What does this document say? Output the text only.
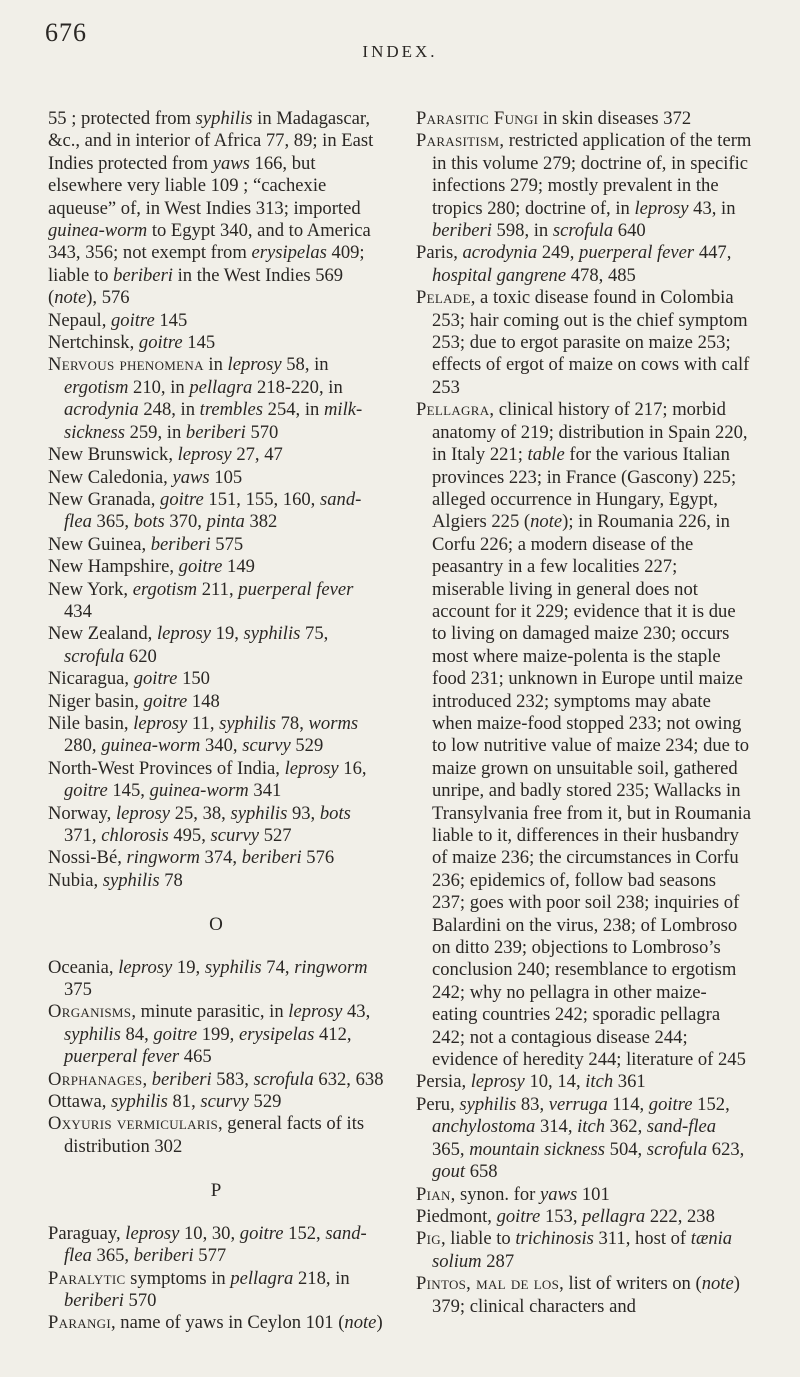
676
INDEX.

55 ; protected from syphilis in Madagascar, &c., and in interior of Africa 77, 89; in East Indies protected from yaws 166, but elsewhere very liable 109 ; “cachexie aqueuse” of, in West Indies 313; imported guinea-worm to Egypt 340, and to America 343, 356; not exempt from erysipelas 409; liable to beriberi in the West Indies 569 (note), 576

Nepaul, goitre 145

Nertchinsk, goitre 145

Nervous phenomena in leprosy 58, in ergotism 210, in pellagra 218-220, in acrodynia 248, in trembles 254, in milk-sickness 259, in beriberi 570

New Brunswick, leprosy 27, 47

New Caledonia, yaws 105

New Granada, goitre 151, 155, 160, sand-flea 365, bots 370, pinta 382

New Guinea, beriberi 575

New Hampshire, goitre 149

New York, ergotism 211, puerperal fever 434

New Zealand, leprosy 19, syphilis 75, scrofula 620

Nicaragua, goitre 150

Niger basin, goitre 148

Nile basin, leprosy 11, syphilis 78, worms 280, guinea-worm 340, scurvy 529

North-West Provinces of India, leprosy 16, goitre 145, guinea-worm 341

Norway, leprosy 25, 38, syphilis 93, bots 371, chlorosis 495, scurvy 527

Nossi-Bé, ringworm 374, beriberi 576

Nubia, syphilis 78

O

Oceania, leprosy 19, syphilis 74, ringworm 375

Organisms, minute parasitic, in leprosy 43, syphilis 84, goitre 199, erysipelas 412, puerperal fever 465

Orphanages, beriberi 583, scrofula 632, 638

Ottawa, syphilis 81, scurvy 529

Oxyuris vermicularis, general facts of its distribution 302

P

Paraguay, leprosy 10, 30, goitre 152, sand-flea 365, beriberi 577

Paralytic symptoms in pellagra 218, in beriberi 570

Parangi, name of yaws in Ceylon 101 (note)

Parasitic Fungi in skin diseases 372

Parasitism, restricted application of the term in this volume 279; doctrine of, in specific infections 279; mostly prevalent in the tropics 280; doctrine of, in leprosy 43, in beriberi 598, in scrofula 640

Paris, acrodynia 249, puerperal fever 447, hospital gangrene 478, 485

Pelade, a toxic disease found in Colombia 253; hair coming out is the chief symptom 253; due to ergot parasite on maize 253; effects of ergot of maize on cows with calf 253

Pellagra, clinical history of 217; morbid anatomy of 219; distribution in Spain 220, in Italy 221; table for the various Italian provinces 223; in France (Gascony) 225; alleged occurrence in Hungary, Egypt, Algiers 225 (note); in Roumania 226, in Corfu 226; a modern disease of the peasantry in a few localities 227; miserable living in general does not account for it 229; evidence that it is due to living on damaged maize 230; occurs most where maize-polenta is the staple food 231; unknown in Europe until maize introduced 232; symptoms may abate when maize-food stopped 233; not owing to low nutritive value of maize 234; due to maize grown on unsuitable soil, gathered unripe, and badly stored 235; Wallacks in Transylvania free from it, but in Roumania liable to it, differences in their husbandry of maize 236; the circumstances in Corfu 236; epidemics of, follow bad seasons 237; goes with poor soil 238; inquiries of Balardini on the virus, 238; of Lombroso on ditto 239; objections to Lombroso’s conclusion 240; resemblance to ergotism 242; why no pellagra in other maize-eating countries 242; sporadic pellagra 242; not a contagious disease 244; evidence of heredity 244; literature of 245

Persia, leprosy 10, 14, itch 361

Peru, syphilis 83, verruga 114, goitre 152, anchylostoma 314, itch 362, sand-flea 365, mountain sickness 504, scrofula 623, gout 658

Pian, synon. for yaws 101

Piedmont, goitre 153, pellagra 222, 238

Pig, liable to trichinosis 311, host of tænia solium 287

Pintos, mal de los, list of writers on (note) 379; clinical characters and
